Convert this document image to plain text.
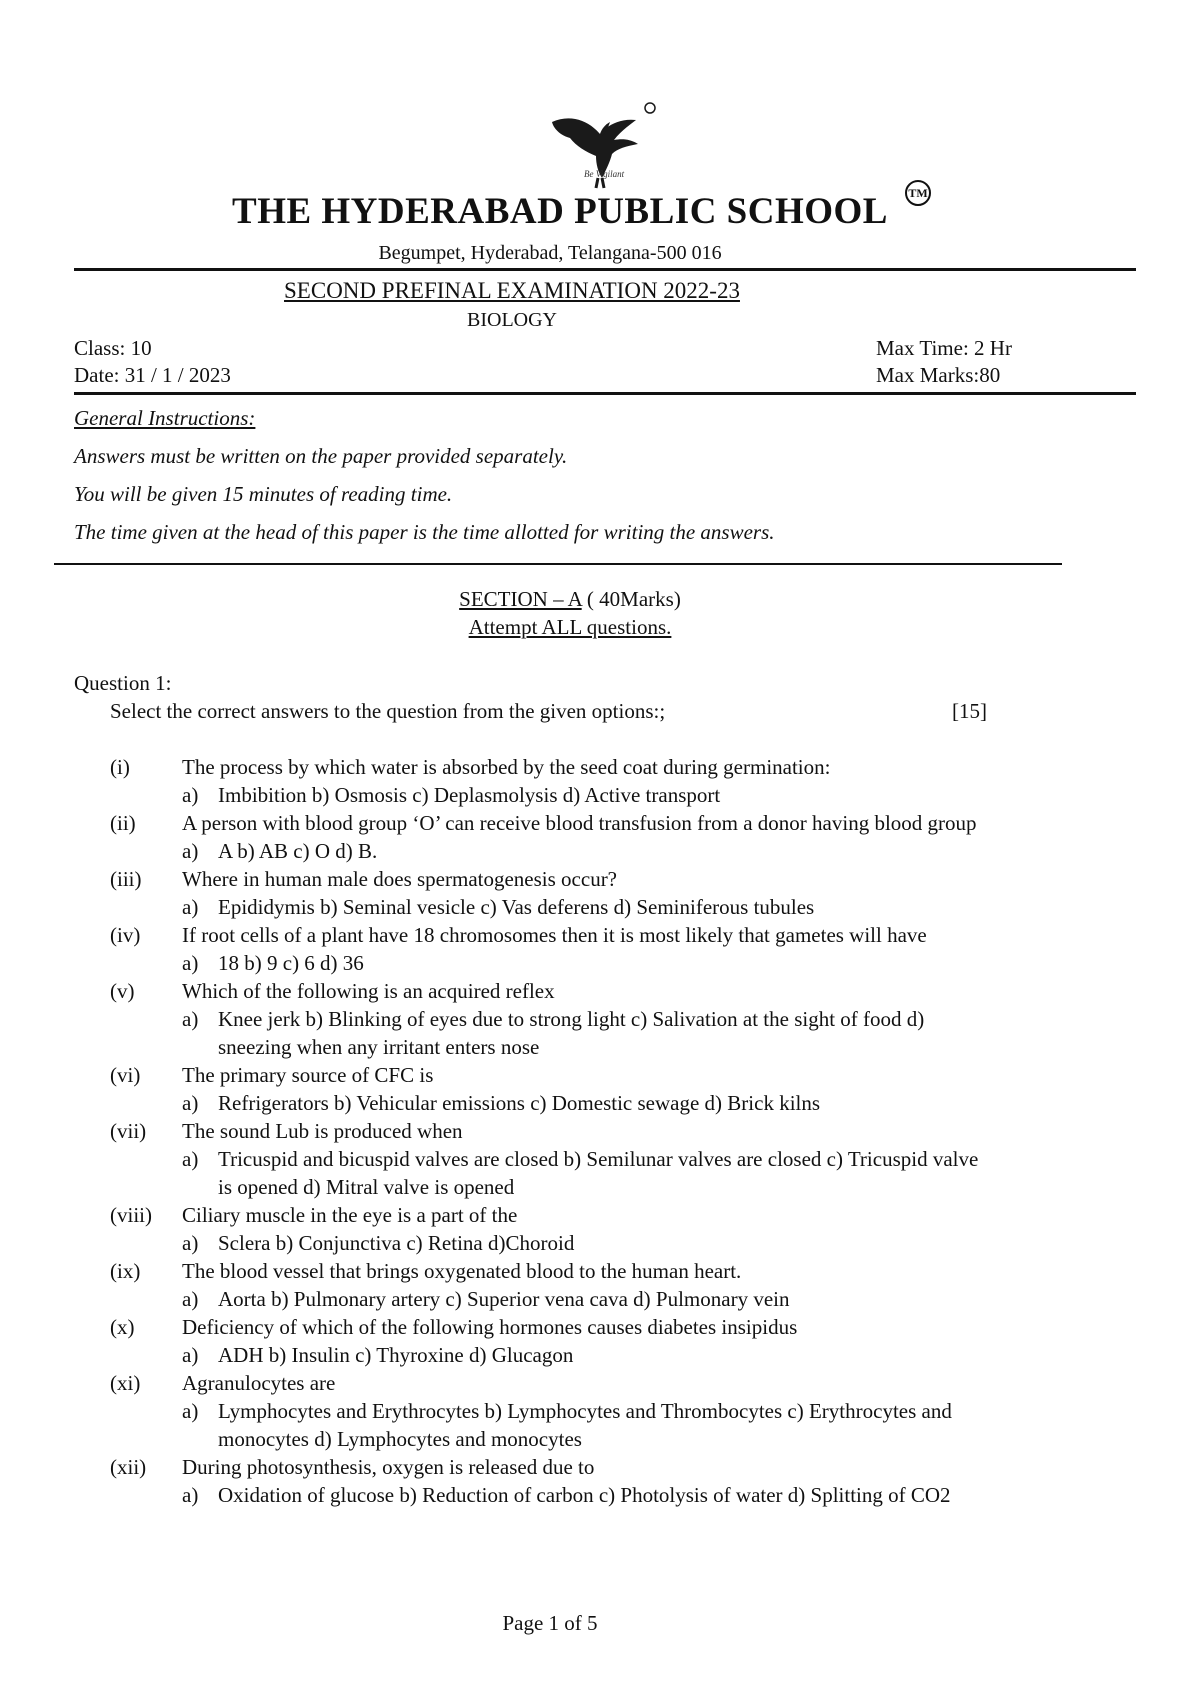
Be Vigilant
THE HYDERABAD PUBLIC SCHOOL	TM
Begumpet, Hyderabad, Telangana-500 016
SECOND PREFINAL EXAMINATION 2022-23
BIOLOGY
Class: 10
Date: 31 / 1 / 2023
Max Time: 2 Hr
Max Marks:80
General Instructions:
Answers must be written on the paper provided separately.
You will be given 15 minutes of reading time.
The time given at the head of this paper is the time allotted for writing the answers.
SECTION – A ( 40Marks)
Attempt ALL questions.
Question 1:
Select the correct answers to the question from the given options:;	[15]
(i) The process by which water is absorbed by the seed coat during germination:
a) Imbibition b) Osmosis c) Deplasmolysis d) Active transport
(ii) A person with blood group ‘O’ can receive blood transfusion from a donor having blood group
a) A b) AB c) O d) B.
(iii) Where in human male does spermatogenesis occur?
a) Epididymis b) Seminal vesicle c) Vas deferens d) Seminiferous tubules
(iv) If root cells of a plant have 18 chromosomes then it is most likely that gametes will have
a) 18 b) 9 c) 6 d) 36
(v) Which of the following is an acquired reflex
a) Knee jerk b) Blinking of eyes due to strong light c) Salivation at the sight of food d)
sneezing when any irritant enters nose
(vi) The primary source of CFC is
a) Refrigerators b) Vehicular emissions c) Domestic sewage d) Brick kilns
(vii) The sound Lub is produced when
a) Tricuspid and bicuspid valves are closed b) Semilunar valves are closed c) Tricuspid valve
is opened d) Mitral valve is opened
(viii) Ciliary muscle in the eye is a part of the
a) Sclera b) Conjunctiva c) Retina d)Choroid
(ix) The blood vessel that brings oxygenated blood to the human heart.
a) Aorta b) Pulmonary artery c) Superior vena cava d) Pulmonary vein
(x) Deficiency of which of the following hormones causes diabetes insipidus
a) ADH b) Insulin c) Thyroxine d) Glucagon
(xi) Agranulocytes are
a) Lymphocytes and Erythrocytes b) Lymphocytes and Thrombocytes c) Erythrocytes and
monocytes d) Lymphocytes and monocytes
(xii) During photosynthesis, oxygen is released due to
a) Oxidation of glucose b) Reduction of carbon c) Photolysis of water d) Splitting of CO2
Page 1 of 5
